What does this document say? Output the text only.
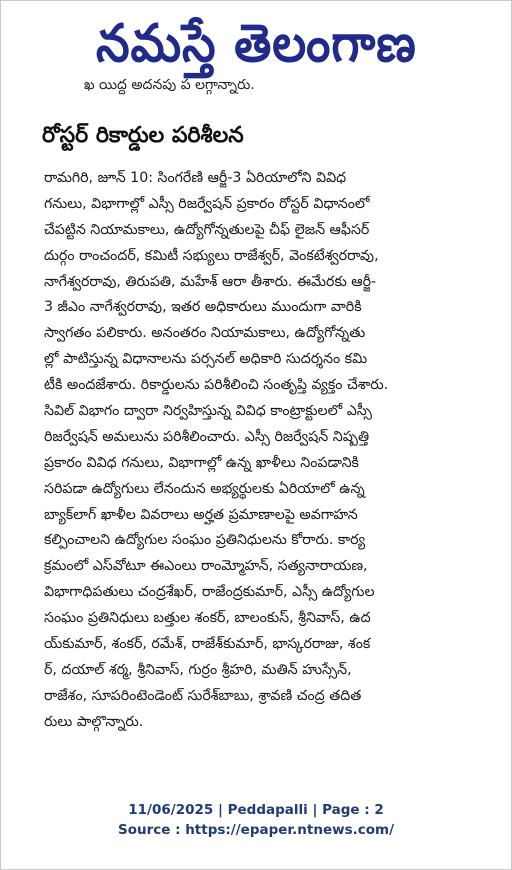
నమస్తే తెలంగాణ
ఖ యిద్ద అదనపు ప లగ్గాన్నారు.
రోస్టర్ రికార్డుల పరిశీలన
రామగిరి, జూన్ 10: సింగరేణి ఆర్జీ-3 ఏరియాలోని వివిధ
గనులు, విభాగాల్లో ఎస్సీ రిజర్వేషన్ ప్రకారం రోస్టర్ విధానంలో
చేపట్టిన నియామకాలు, ఉద్యోగోన్నతులపై చీఫ్ లైజన్ ఆఫీసర్
దుర్గం రాంచందర్, కమిటీ సభ్యులు రాజేశ్వర్, వెంకటేశ్వరరావు,
నాగేశ్వరరావు, తిరుపతి, మహేశ్ ఆరా తీశారు. ఈమేరకు ఆర్జీ-
3 జీఎం నాగేశ్వరరావు, ఇతర అధికారులు ముందుగా వారికి
స్వాగతం పలికారు. అనంతరం నియామకాలు, ఉద్యోగోన్నతు
ల్లో పాటిస్తున్న విధానాలను పర్సనల్ అధికారి సుదర్శనం కమి
టీకి అందజేశారు. రికార్డులను పరిశీలించి సంతృప్తి వ్యక్తం చేశారు.
సివిల్ విభాగం ద్వారా నిర్వహిస్తున్న వివిధ కాంట్రాక్టులలో ఎస్సీ
రిజర్వేషన్ అమలును పరిశీలించారు. ఎస్సీ రిజర్వేషన్ నిష్పత్తి
ప్రకారం వివిధ గనులు, విభాగాల్లో ఉన్న ఖాళీలు నింపడానికి
సరిపడా ఉద్యోగులు లేనందున అభ్యర్థులకు ఏరియాలో ఉన్న
బ్యాక్‌లాగ్ ఖాళీల వివరాలు అర్హత ప్రమాణాలపై అవగాహన
కల్పించాలని ఉద్యోగుల సంఘం ప్రతినిధులను కోరారు. కార్య
క్రమంలో ఎస్‌వోటూ ఈఎంలు రాంమ్మోహన్, సత్యనారాయణ,
విభాగాధిపతులు చంద్రశేఖర్, రాజేంద్రకుమార్, ఎస్సీ ఉద్యోగుల
సంఘం ప్రతినిధులు బత్తుల శంకర్, బాలంకుస్, శ్రీనివాస్, ఉద
య్‌కుమార్, శంకర్, రమేశ్, రాజేశ్‌కుమార్, భాస్కరరాజు, శంక
ర్, దయాల్ శర్మ, శ్రీనివాస్, గుర్రం శ్రీహరి, మతిన్ హుస్సేన్,
రాజేశం, సూపరింటెండెంట్ సురేశ్‌బాబు, శ్రావణి చంద్ర తదిత
రులు పాల్గొన్నారు.
11/06/2025 | Peddapalli | Page : 2
Source : https://epaper.ntnews.com/
